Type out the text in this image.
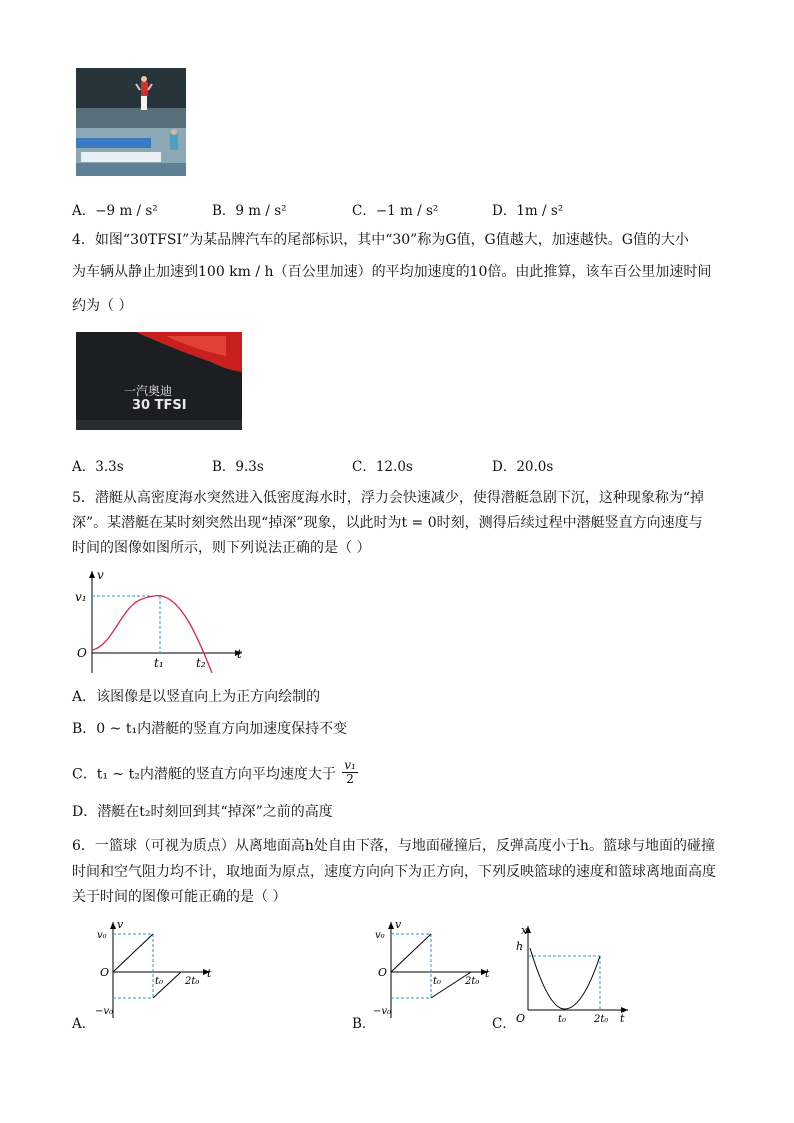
A．−9 m / s²	B．9 m / s²	C．−1 m / s²	D．1m / s²
4．如图“30TFSI”为某品牌汽车的尾部标识，其中“30”称为G值，G值越大，加速越快。G值的大小
为车辆从静止加速到100 km / h（百公里加速）的平均加速度的10倍。由此推算，该车百公里加速时间
约为（ ）
一汽奥迪
30 TFSI
A．3.3s	B．9.3s	C．12.0s	D．20.0s
5．潜艇从高密度海水突然进入低密度海水时，浮力会快速减少，使得潜艇急剧下沉，这种现象称为“掉
深”。某潜艇在某时刻突然出现“掉深”现象，以此时为t = 0时刻，测得后续过程中潜艇竖直方向速度与
时间的图像如图所示，则下列说法正确的是（ ）
v
t
O
v₁
t₁	t₂
A．该图像是以竖直向上为正方向绘制的
B．0 ~ t₁内潜艇的竖直方向加速度保持不变
C．t₁ ~ t₂内潜艇的竖直方向平均速度大于 $\frac{\text{v₁}}{2}$
D．潜艇在t₂时刻回到其“掉深”之前的高度
6．一篮球（可视为质点）从离地面高h处自由下落，与地面碰撞后，反弹高度小于h。篮球与地面的碰撞
时间和空气阻力均不计，取地面为原点，速度方向向下为正方向，下列反映篮球的速度和篮球离地面高度
关于时间的图像可能正确的是（ ）
v
t
O
v₀
−v₀
t₀ 2t₀
A．
v
t
O
v₀
−v₀
t₀ 2t₀
B．
x
h
t
O	t₀	2t₀
C．
